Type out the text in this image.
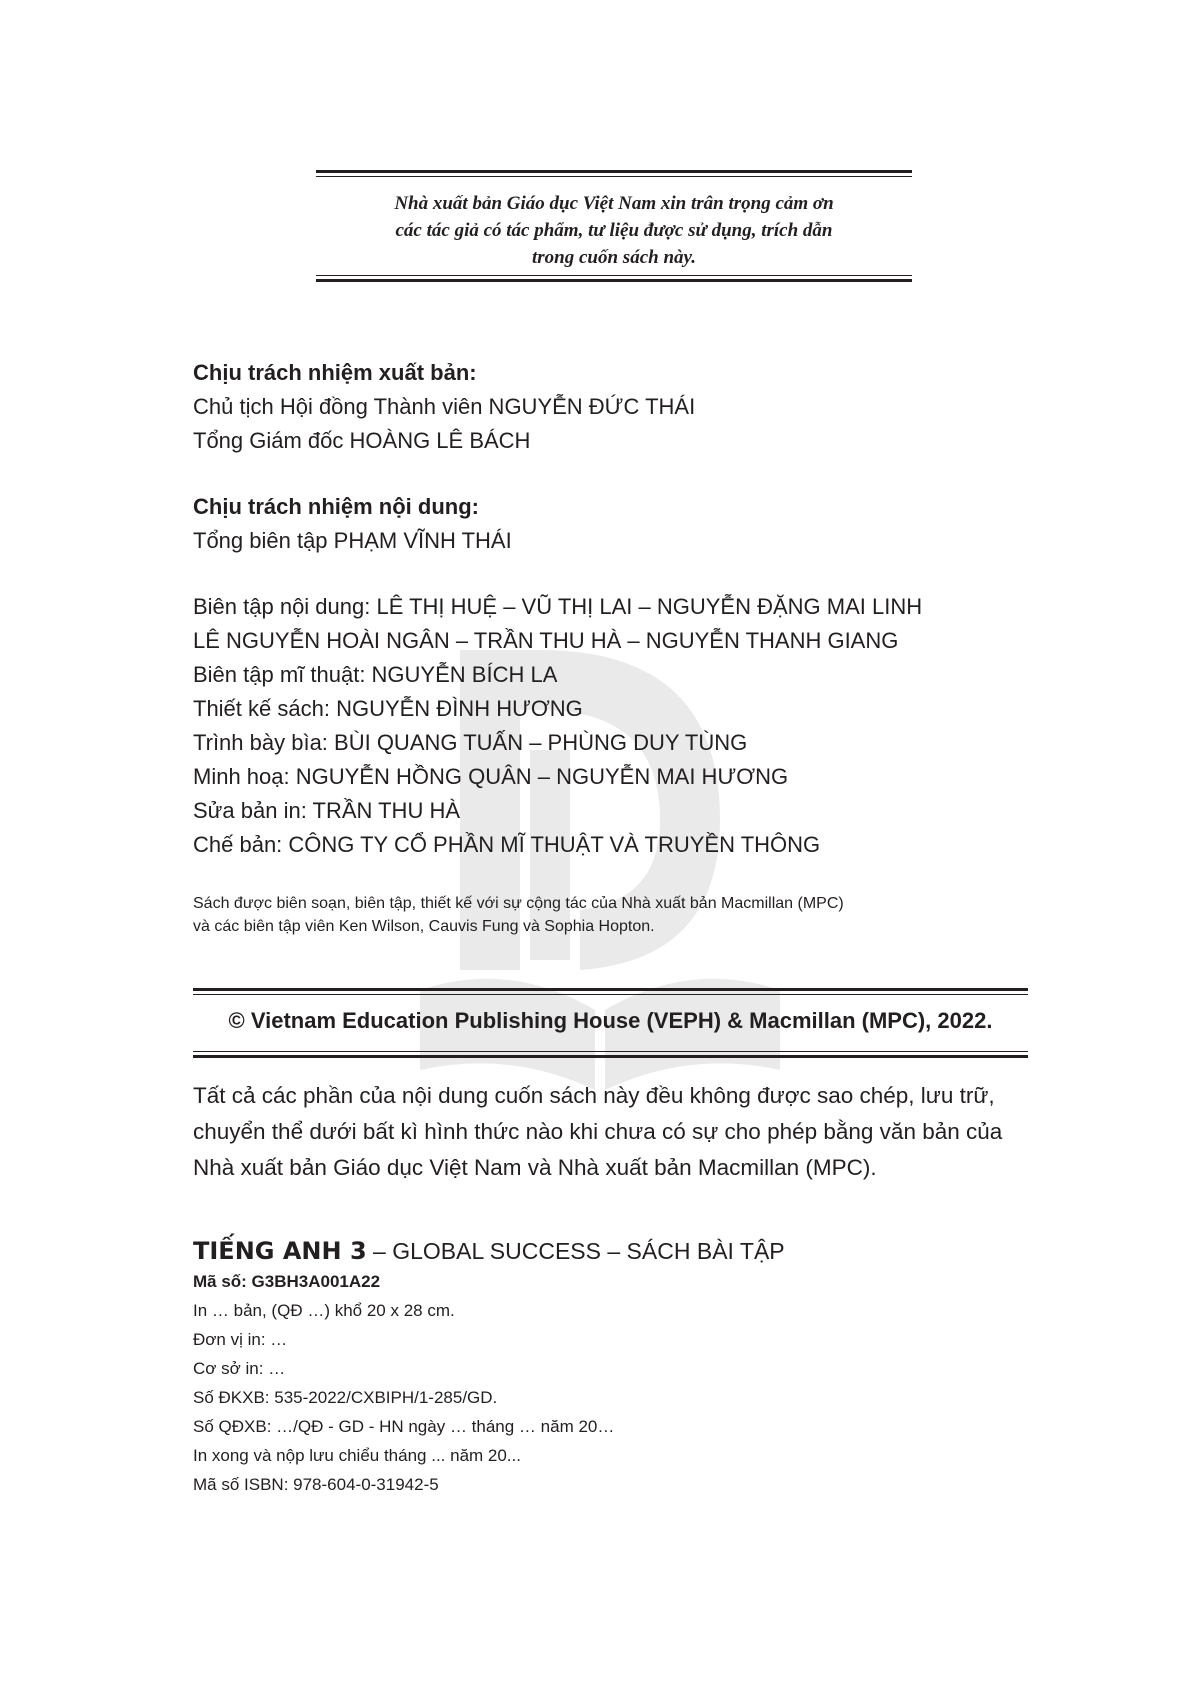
Nhà xuất bản Giáo dục Việt Nam xin trân trọng cảm ơn
các tác giả có tác phẩm, tư liệu được sử dụng, trích dẫn
trong cuốn sách này.
Chịu trách nhiệm xuất bản:
Chủ tịch Hội đồng Thành viên NGUYỄN ĐỨC THÁI
Tổng Giám đốc HOÀNG LÊ BÁCH
Chịu trách nhiệm nội dung:
Tổng biên tập PHẠM VĨNH THÁI
Biên tập nội dung: LÊ THỊ HUỆ – VŨ THỊ LAI – NGUYỄN ĐẶNG MAI LINH
LÊ NGUYỄN HOÀI NGÂN – TRẦN THU HÀ – NGUYỄN THANH GIANG
Biên tập mĩ thuật: NGUYỄN BÍCH LA
Thiết kế sách: NGUYỄN ĐÌNH HƯƠNG
Trình bày bìa: BÙI QUANG TUẤN – PHÙNG DUY TÙNG
Minh hoạ: NGUYỄN HỒNG QUÂN – NGUYỄN MAI HƯƠNG
Sửa bản in: TRẦN THU HÀ
Chế bản: CÔNG TY CỔ PHẦN MĨ THUẬT VÀ TRUYỀN THÔNG
Sách được biên soạn, biên tập, thiết kế với sự cộng tác của Nhà xuất bản Macmillan (MPC)
và các biên tập viên Ken Wilson, Cauvis Fung và Sophia Hopton.
© Vietnam Education Publishing House (VEPH) & Macmillan (MPC), 2022.
Tất cả các phần của nội dung cuốn sách này đều không được sao chép, lưu trữ,
chuyển thể dưới bất kì hình thức nào khi chưa có sự cho phép bằng văn bản của
Nhà xuất bản Giáo dục Việt Nam và Nhà xuất bản Macmillan (MPC).
TIẾNG ANH 3 – GLOBAL SUCCESS – SÁCH BÀI TẬP
Mã số: G3BH3A001A22
In … bản, (QĐ …) khổ 20 x 28 cm.
Đơn vị in: …
Cơ sở in: …
Số ĐKXB: 535-2022/CXBIPH/1-285/GD.
Số QĐXB: …/QĐ - GD - HN ngày … tháng … năm 20…
In xong và nộp lưu chiểu tháng ... năm 20...
Mã số ISBN: 978-604-0-31942-5
